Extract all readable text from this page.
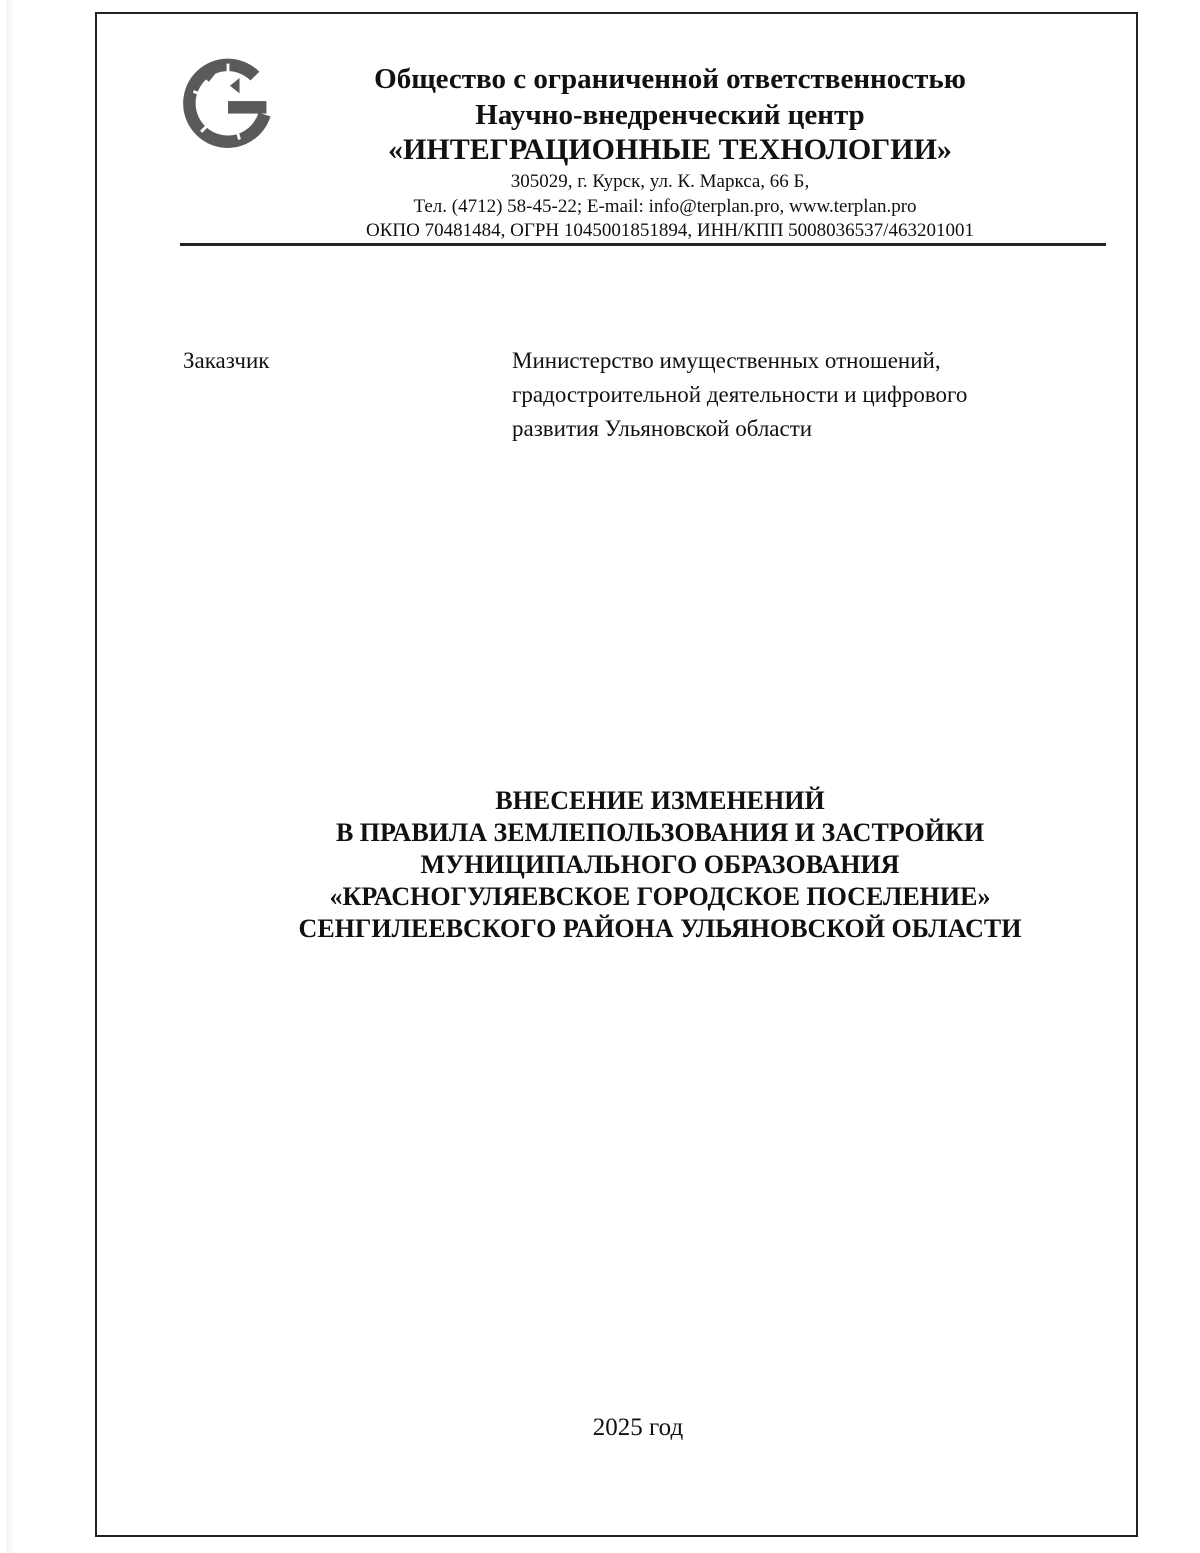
Общество с ограниченной ответственностью
Научно-внедренческий центр
«ИНТЕГРАЦИОННЫЕ ТЕХНОЛОГИИ»
305029, г. Курск, ул. К. Маркса, 66 Б,
Тел. (4712) 58-45-22; E-mail: info@terplan.pro, www.terplan.pro
ОКПО 70481484, ОГРН 1045001851894, ИНН/КПП 5008036537/463201001
Заказчик	Министерство имущественных отношений,
градостроительной деятельности и цифрового
развития Ульяновской области
ВНЕСЕНИЕ ИЗМЕНЕНИЙ
В ПРАВИЛА ЗЕМЛЕПОЛЬЗОВАНИЯ И ЗАСТРОЙКИ
МУНИЦИПАЛЬНОГО ОБРАЗОВАНИЯ
«КРАСНОГУЛЯЕВСКОЕ ГОРОДСКОЕ ПОСЕЛЕНИЕ»
СЕНГИЛЕЕВСКОГО РАЙОНА УЛЬЯНОВСКОЙ ОБЛАСТИ
2025 год
